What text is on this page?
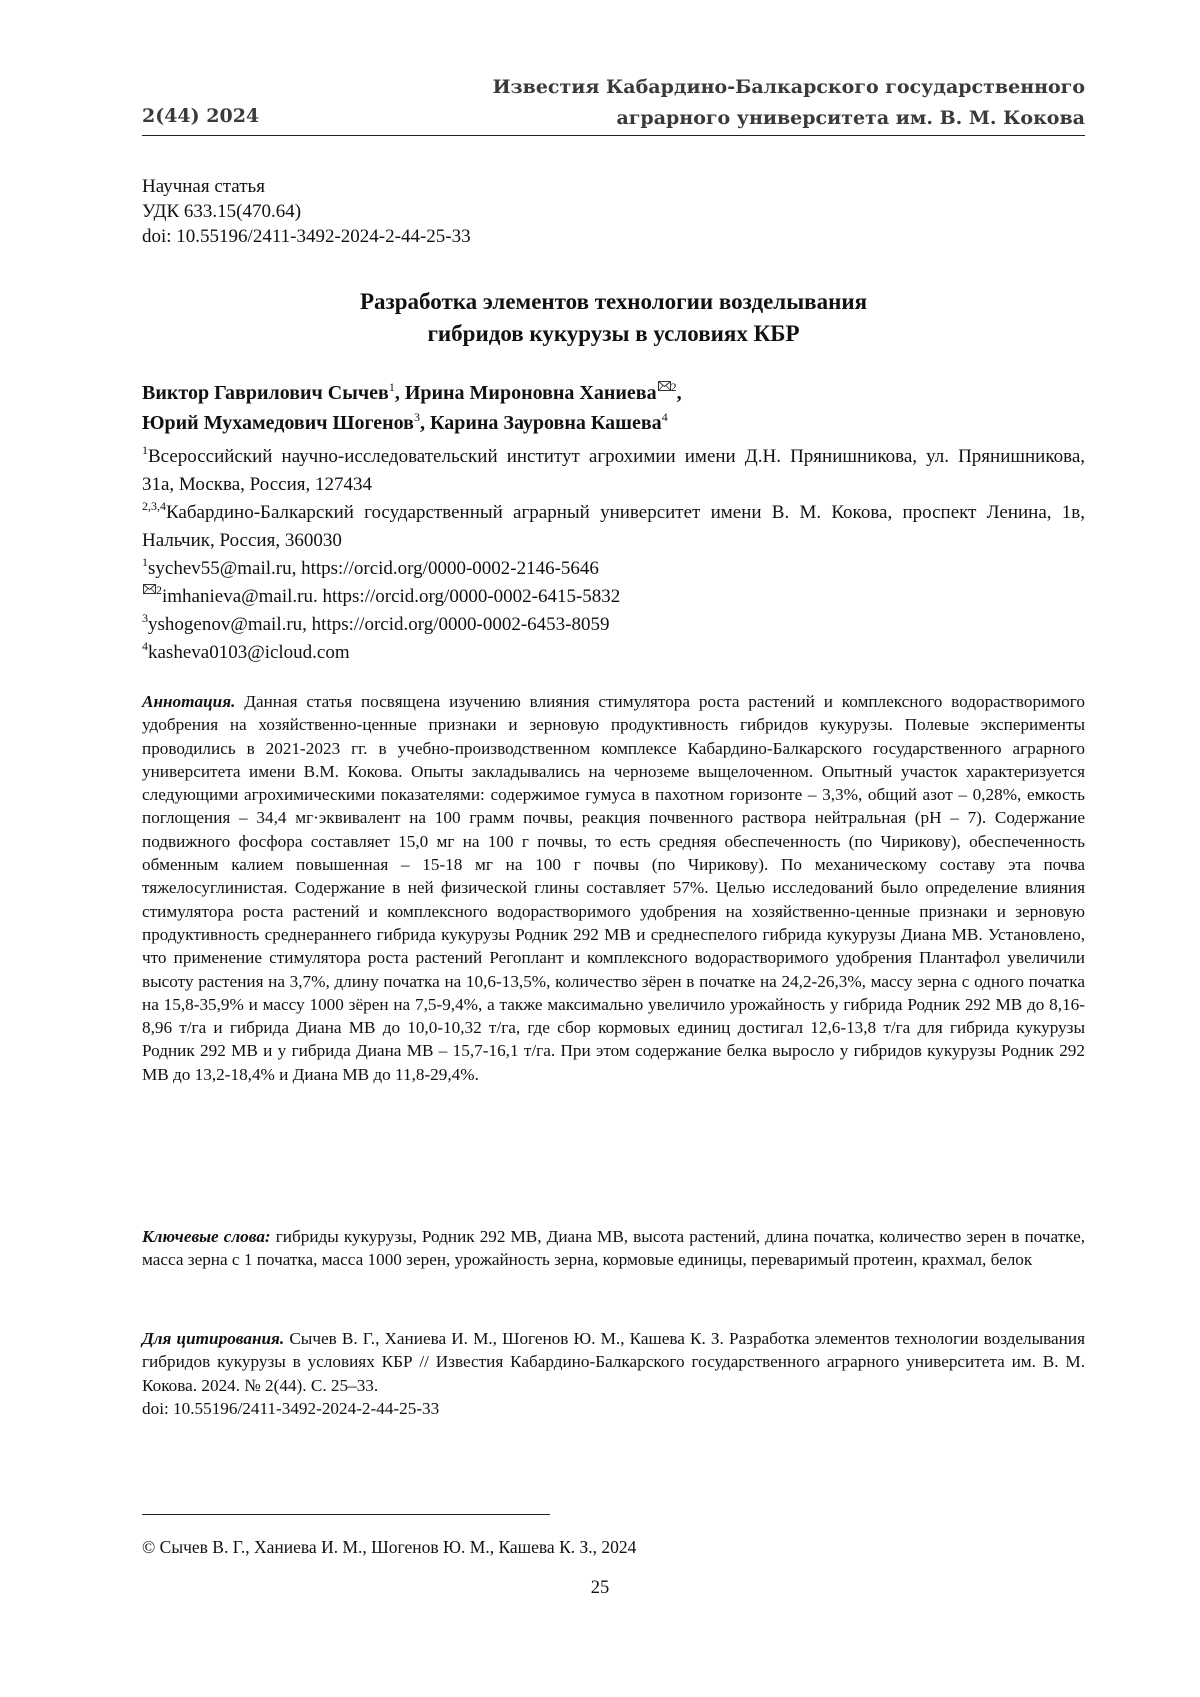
2(44) 2024
Известия Кабардино-Балкарского государственного
аграрного университета им. В. М. Кокова
Научная статья
УДК 633.15(470.64)
doi: 10.55196/2411-3492-2024-2-44-25-33
Разработка элементов технологии возделывания
гибридов кукурузы в условиях КБР
Виктор Гаврилович Сычев1, Ирина Мироновна Ханиева 2,
Юрий Мухамедович Шогенов3, Карина Зауровна Кашева4

1Всероссийский научно-исследовательский институт агрохимии имени Д.Н. Прянишникова, ул. Прянишникова, 31а, Москва, Россия, 127434

2,3,4Кабардино-Балкарский государственный аграрный университет имени В. М. Кокова, проспект Ленина, 1в, Нальчик, Россия, 360030

1sychev55@mail.ru, https://orcid.org/0000-0002-2146-5646
2imhanieva@mail.ru. https://orcid.org/0000-0002-6415-5832
3yshogenov@mail.ru, https://orcid.org/0000-0002-6453-8059
4kasheva0103@icloud.com

Аннотация. Данная статья посвящена изучению влияния стимулятора роста растений и комплексного водорастворимого удобрения на хозяйственно-ценные признаки и зерновую продуктивность гибридов кукурузы. Полевые эксперименты проводились в 2021-2023 гг. в учебно-производственном комплексе Кабардино-Балкарского государственного аграрного университета имени В.М. Кокова. Опыты закладывались на черноземе выщелоченном. Опытный участок характеризуется следующими агрохимическими показателями: содержимое гумуса в пахотном горизонте – 3,3%, общий азот – 0,28%, емкость поглощения – 34,4 мг·эквивалент на 100 грамм почвы, реакция почвенного раствора нейтральная (pH – 7). Содержание подвижного фосфора составляет 15,0 мг на 100 г почвы, то есть средняя обеспеченность (по Чирикову), обеспеченность обменным калием повышенная – 15-18 мг на 100 г почвы (по Чирикову). По механическому составу эта почва тяжелосуглинистая. Содержание в ней физической глины составляет 57%. Целью исследований было определение влияния стимулятора роста растений и комплексного водорастворимого удобрения на хозяйственно-ценные признаки и зерновую продуктивность среднераннего гибрида кукурузы Родник 292 МВ и среднеспелого гибрида кукурузы Диана МВ. Установлено, что применение стимулятора роста растений Регоплант и комплексного водорастворимого удобрения Плантафол увеличили высоту растения на 3,7%, длину початка на 10,6-13,5%, количество зёрен в початке на 24,2-26,3%, массу зерна с одного початка на 15,8-35,9% и массу 1000 зёрен на 7,5-9,4%, а также максимально увеличило урожайность у гибрида Родник 292 МВ до 8,16-8,96 т/га и гибрида Диана МВ до 10,0-10,32 т/га, где сбор кормовых единиц достигал 12,6-13,8 т/га для гибрида кукурузы Родник 292 МВ и у гибрида Диана МВ – 15,7-16,1 т/га. При этом содержание белка выросло у гибридов кукурузы Родник 292 МВ до 13,2-18,4% и Диана МВ до 11,8-29,4%.

Ключевые слова: гибриды кукурузы, Родник 292 МВ, Диана МВ, высота растений, длина початка, количество зерен в початке, масса зерна с 1 початка, масса 1000 зерен, урожайность зерна, кормовые единицы, переваримый протеин, крахмал, белок

Для цитирования. Сычев В. Г., Ханиева И. М., Шогенов Ю. М., Кашева К. З. Разработка элементов технологии возделывания гибридов кукурузы в условиях КБР // Известия Кабардино-Балкарского государственного аграрного университета им. В. М. Кокова. 2024. № 2(44). С. 25–33.

doi: 10.55196/2411-3492-2024-2-44-25-33

© Сычев В. Г., Ханиева И. М., Шогенов Ю. М., Кашева К. З., 2024
25
